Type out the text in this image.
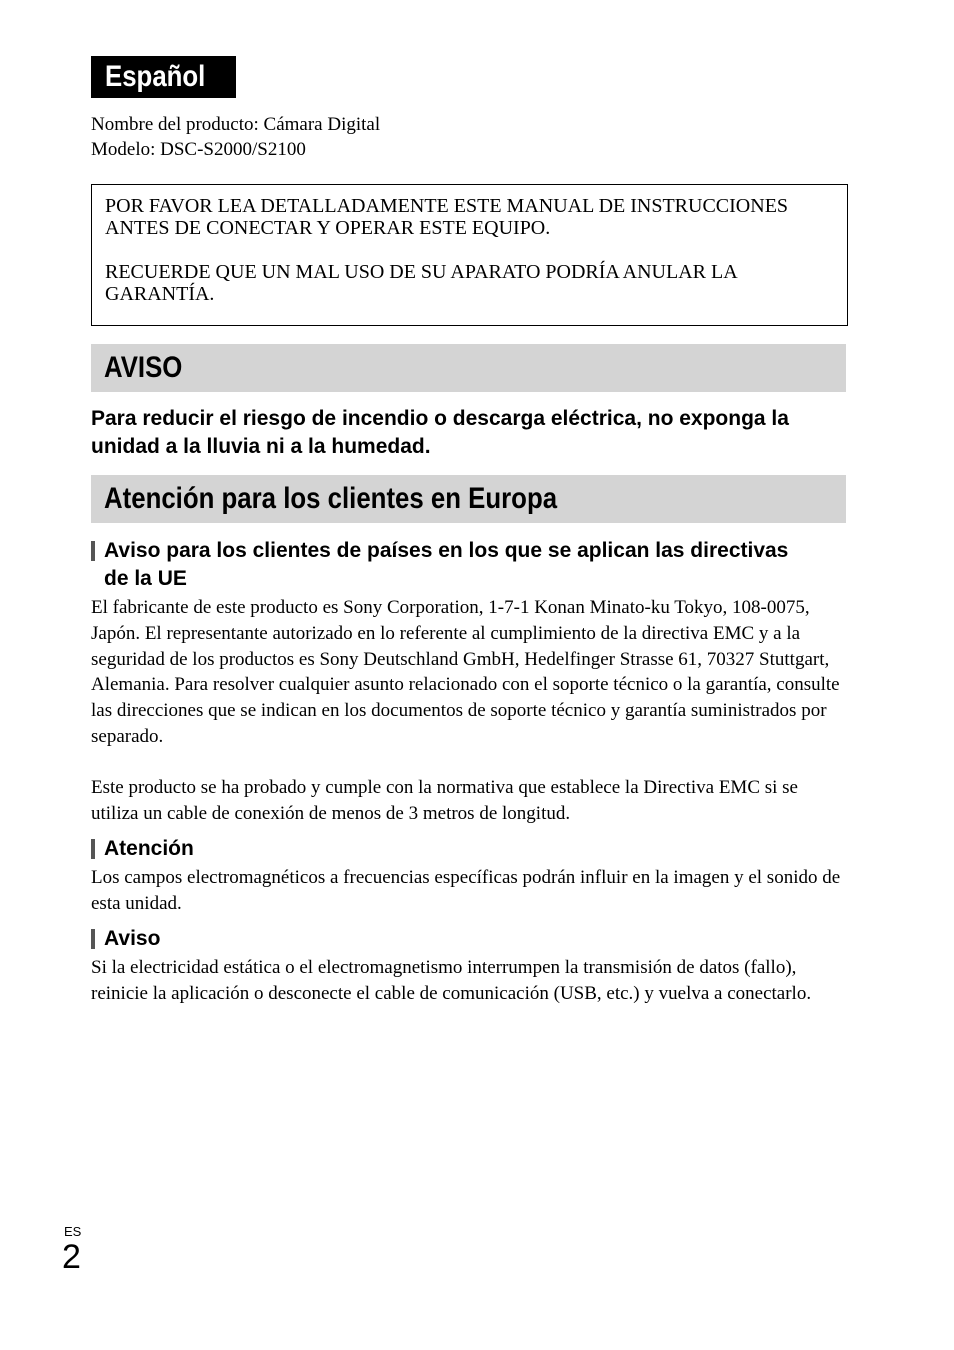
Español
Nombre del producto: Cámara Digital
Modelo: DSC-S2000/S2100

POR FAVOR LEA DETALLADAMENTE ESTE MANUAL DE INSTRUCCIONES ANTES DE CONECTAR Y OPERAR ESTE EQUIPO.

RECUERDE QUE UN MAL USO DE SU APARATO PODRÍA ANULAR LA GARANTÍA.

AVISO
Para reducir el riesgo de incendio o descarga eléctrica, no exponga la unidad a la lluvia ni a la humedad.
Atención para los clientes en Europa
Aviso para los clientes de países en los que se aplican las directivas de la UE

El fabricante de este producto es Sony Corporation, 1-7-1 Konan Minato-ku Tokyo, 108-0075, Japón. El representante autorizado en lo referente al cumplimiento de la directiva EMC y a la seguridad de los productos es Sony Deutschland GmbH, Hedelfinger Strasse 61, 70327 Stuttgart, Alemania. Para resolver cualquier asunto relacionado con el soporte técnico o la garantía, consulte las direcciones que se indican en los documentos de soporte técnico y garantía suministrados por separado.

Este producto se ha probado y cumple con la normativa que establece la Directiva EMC si se utiliza un cable de conexión de menos de 3 metros de longitud.

Atención

Los campos electromagnéticos a frecuencias específicas podrán influir en la imagen y el sonido de esta unidad.

Aviso

Si la electricidad estática o el electromagnetismo interrumpen la transmisión de datos (fallo), reinicie la aplicación o desconecte el cable de comunicación (USB, etc.) y vuelva a conectarlo.

ES
2
